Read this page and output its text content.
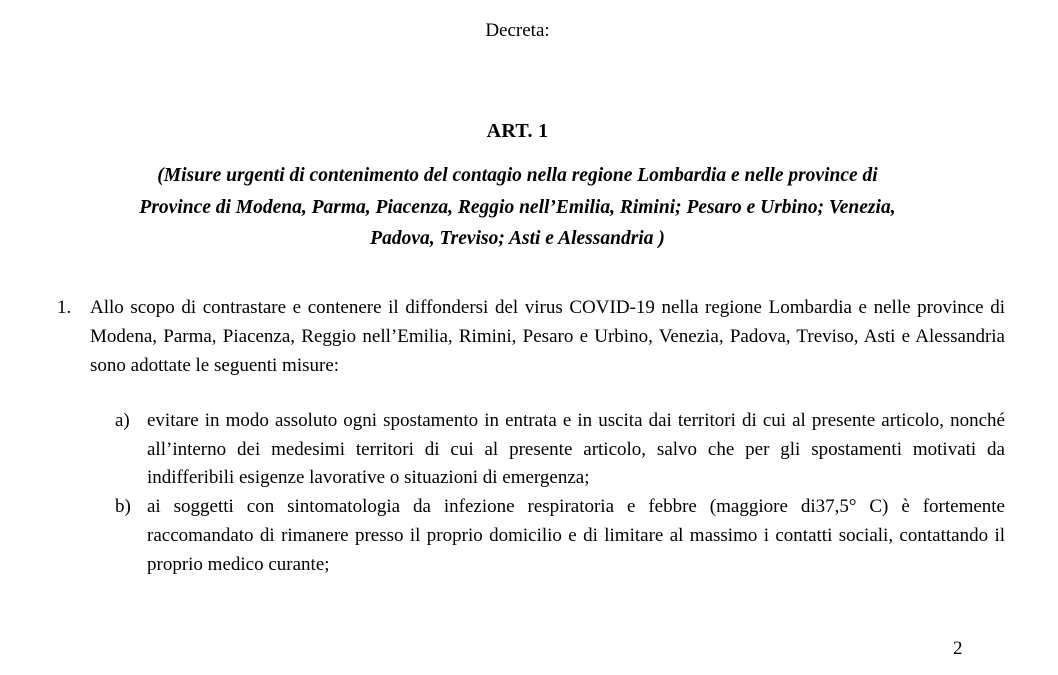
Decreta:
ART. 1
(Misure urgenti di contenimento del contagio nella regione Lombardia e nelle province di
Province di Modena, Parma, Piacenza, Reggio nell’Emilia, Rimini; Pesaro e Urbino; Venezia,
Padova, Treviso; Asti e Alessandria )
1. Allo scopo di contrastare e contenere il diffondersi del virus COVID-19 nella regione Lombardia e nelle province di Modena, Parma, Piacenza, Reggio nell’Emilia, Rimini, Pesaro e Urbino, Venezia, Padova, Treviso, Asti e Alessandria sono adottate le seguenti misure:
a) evitare in modo assoluto ogni spostamento in entrata e in uscita dai territori di cui al presente articolo, nonché all’interno dei medesimi territori di cui al presente articolo, salvo che per gli spostamenti motivati da indifferibili esigenze lavorative o situazioni di emergenza;
b) ai soggetti con sintomatologia da infezione respiratoria e febbre (maggiore di37,5° C) è fortemente raccomandato di rimanere presso il proprio domicilio e di limitare al massimo i contatti sociali, contattando il proprio medico curante;
2
